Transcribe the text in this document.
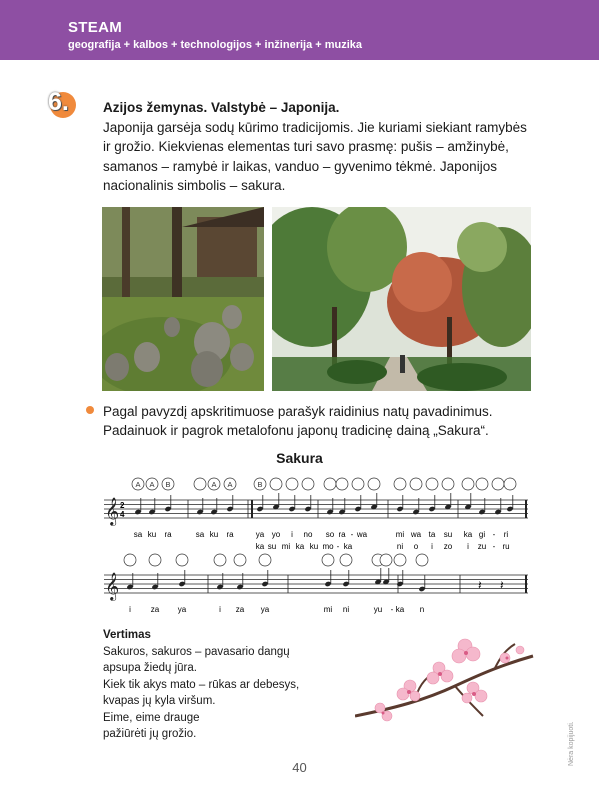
STEAM
geografija + kalbos + technologijos + inžinerija + muzika
6.	Azijos žemynas. Valstybė – Japonija.
Japonija garsėja sodų kūrimo tradicijomis. Jie kuriami siekiant ramybės ir grožio. Kiekvienas elementas turi savo prasmę: pušis – amžinybė, samanos – ramybė ir laikas, vanduo – gyvenimo tėkmė. Japonijos nacionalinis simbolis – sakura.
Pagal pavyzdį apskritimuose parašyk raidinius natų pavadinimus. Padainuok ir pagrok metalofonu japonų tradicinę dainą „Sakura“.
Sakura
𝄞 2
4
A A B	A A	B
sa ku ra	sa ku ra	ya yo i no so ra - wa	mi wa ta su ka gi - ri
ka su mi ka ku mo - ka	ni o i zo i zu - ru
𝄞	𝄽 𝄽
i za ya	i za ya	mi ni	yu - ka n
Vertimas
Sakuros, sakuros – pavasario dangų
apsupa žiedų jūra.
Kiek tik akys mato – rūkas ar debesys,
kvapas jų kyla viršum.
Eime, eime drauge
pažiūrėti jų grožio.
40
Nėra kopijuoti.
